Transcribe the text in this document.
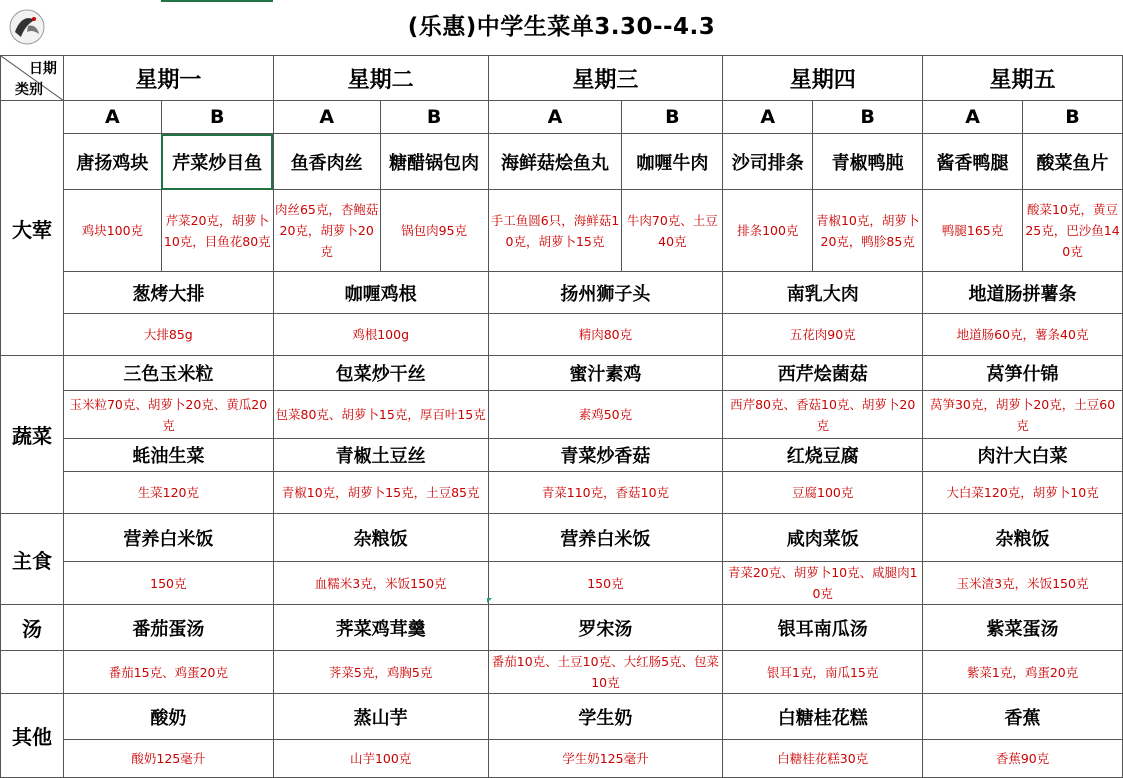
(乐惠)中学生菜单3.30--4.3
日期
类别	星期一		星期二		星期三		星期四		星期五	
大荤	A	B	A	B	A	B	A	B	A	B
	唐扬鸡块	芹菜炒目鱼	鱼香肉丝	糖醋锅包肉	海鲜菇烩鱼丸	咖喱牛肉	沙司排条	青椒鸭肫	酱香鸭腿	酸菜鱼片
	鸡块100克	芹菜20克，胡萝卜10克，目鱼花80克	肉丝65克，杏鲍菇20克，胡萝卜20克	锅包肉95克	手工鱼圆6只，海鲜菇10克，胡萝卜15克	牛肉70克、土豆40克	排条100克	青椒10克，胡萝卜20克，鸭胗85克	鸭腿165克	酸菜10克，黄豆25克，巴沙鱼140克
	葱烤大排		咖喱鸡根		扬州狮子头		南乳大肉		地道肠拼薯条	
	大排85g		鸡根100g		精肉80克		五花肉90克		地道肠60克，薯条40克	
蔬菜	三色玉米粒		包菜炒干丝		蜜汁素鸡		西芹烩菌菇		莴笋什锦	
	玉米粒70克、胡萝卜20克、黄瓜20克		包菜80克、胡萝卜15克，厚百叶15克		素鸡50克		西芹80克、香菇10克、胡萝卜20克		莴笋30克，胡萝卜20克，土豆60克	
	蚝油生菜		青椒土豆丝		青菜炒香菇		红烧豆腐		肉汁大白菜	
	生菜120克		青椒10克，胡萝卜15克，土豆85克		青菜110克，香菇10克		豆腐100克		大白菜120克，胡萝卜10克	
主食	营养白米饭		杂粮饭		营养白米饭		咸肉菜饭		杂粮饭	
	150克		血糯米3克，米饭150克		150克		青菜20克、胡萝卜10克、咸腿肉10克		玉米渣3克，米饭150克	
汤	番茄蛋汤		荠菜鸡茸羹		罗宋汤		银耳南瓜汤		紫菜蛋汤	
	番茄15克、鸡蛋20克		荠菜5克，鸡胸5克		番茄10克、土豆10克、大红肠5克、包菜10克		银耳1克，南瓜15克		紫菜1克，鸡蛋20克	
其他	酸奶		蒸山芋		学生奶		白糖桂花糕		香蕉	
	酸奶125毫升		山芋100克		学生奶125毫升		白糖桂花糕30克		香蕉90克	
